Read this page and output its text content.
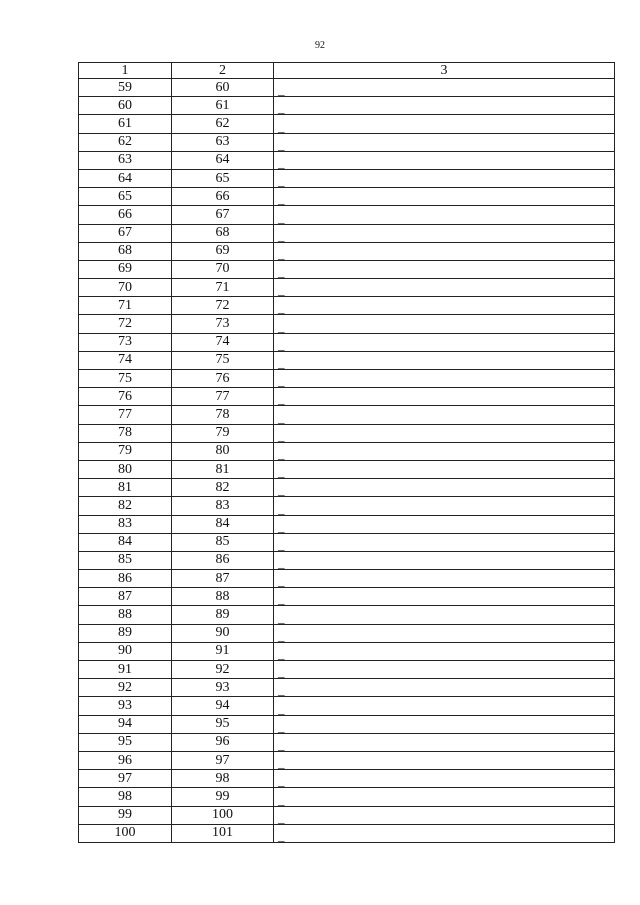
92
1	2	3
59	60	_
60	61	_
61	62	_
62	63	_
63	64	_
64	65	_
65	66	_
66	67	_
67	68	_
68	69	_
69	70	_
70	71	_
71	72	_
72	73	_
73	74	_
74	75	_
75	76	_
76	77	_
77	78	_
78	79	_
79	80	_
80	81	_
81	82	_
82	83	_
83	84	_
84	85	_
85	86	_
86	87	_
87	88	_
88	89	_
89	90	_
90	91	_
91	92	_
92	93	_
93	94	_
94	95	_
95	96	_
96	97	_
97	98	_
98	99	_
99	100	_
100	101	_
